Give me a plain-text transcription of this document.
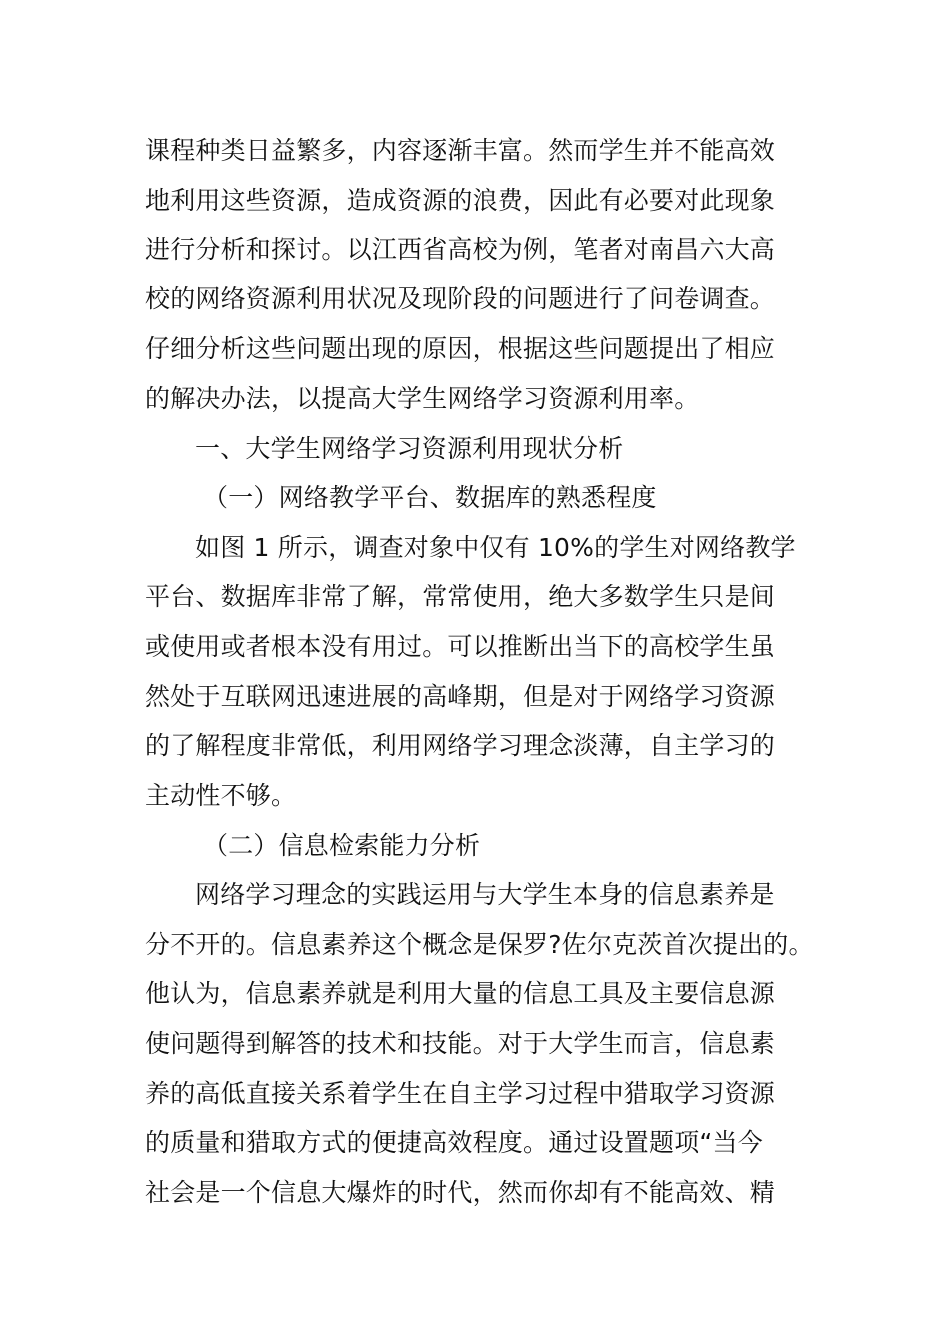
课程种类日益繁多，内容逐渐丰富。然而学生并不能高效
地利用这些资源，造成资源的浪费，因此有必要对此现象
进行分析和探讨。以江西省高校为例，笔者对南昌六大高
校的网络资源利用状况及现阶段的问题进行了问卷调查。
仔细分析这些问题出现的原因，根据这些问题提出了相应
的解决办法，以提高大学生网络学习资源利用率。
一、大学生网络学习资源利用现状分析
（一）网络教学平台、数据库的熟悉程度
如图 1 所示，调查对象中仅有 10%的学生对网络教学
平台、数据库非常了解，常常使用，绝大多数学生只是间
或使用或者根本没有用过。可以推断出当下的高校学生虽
然处于互联网迅速进展的高峰期，但是对于网络学习资源
的了解程度非常低，利用网络学习理念淡薄，自主学习的
主动性不够。
（二）信息检索能力分析
网络学习理念的实践运用与大学生本身的信息素养是
分不开的。信息素养这个概念是保罗?佐尔克茨首次提出的。
他认为，信息素养就是利用大量的信息工具及主要信息源
使问题得到解答的技术和技能。对于大学生而言，信息素
养的高低直接关系着学生在自主学习过程中猎取学习资源
的质量和猎取方式的便捷高效程度。通过设置题项“当今
社会是一个信息大爆炸的时代，然而你却有不能高效、精
